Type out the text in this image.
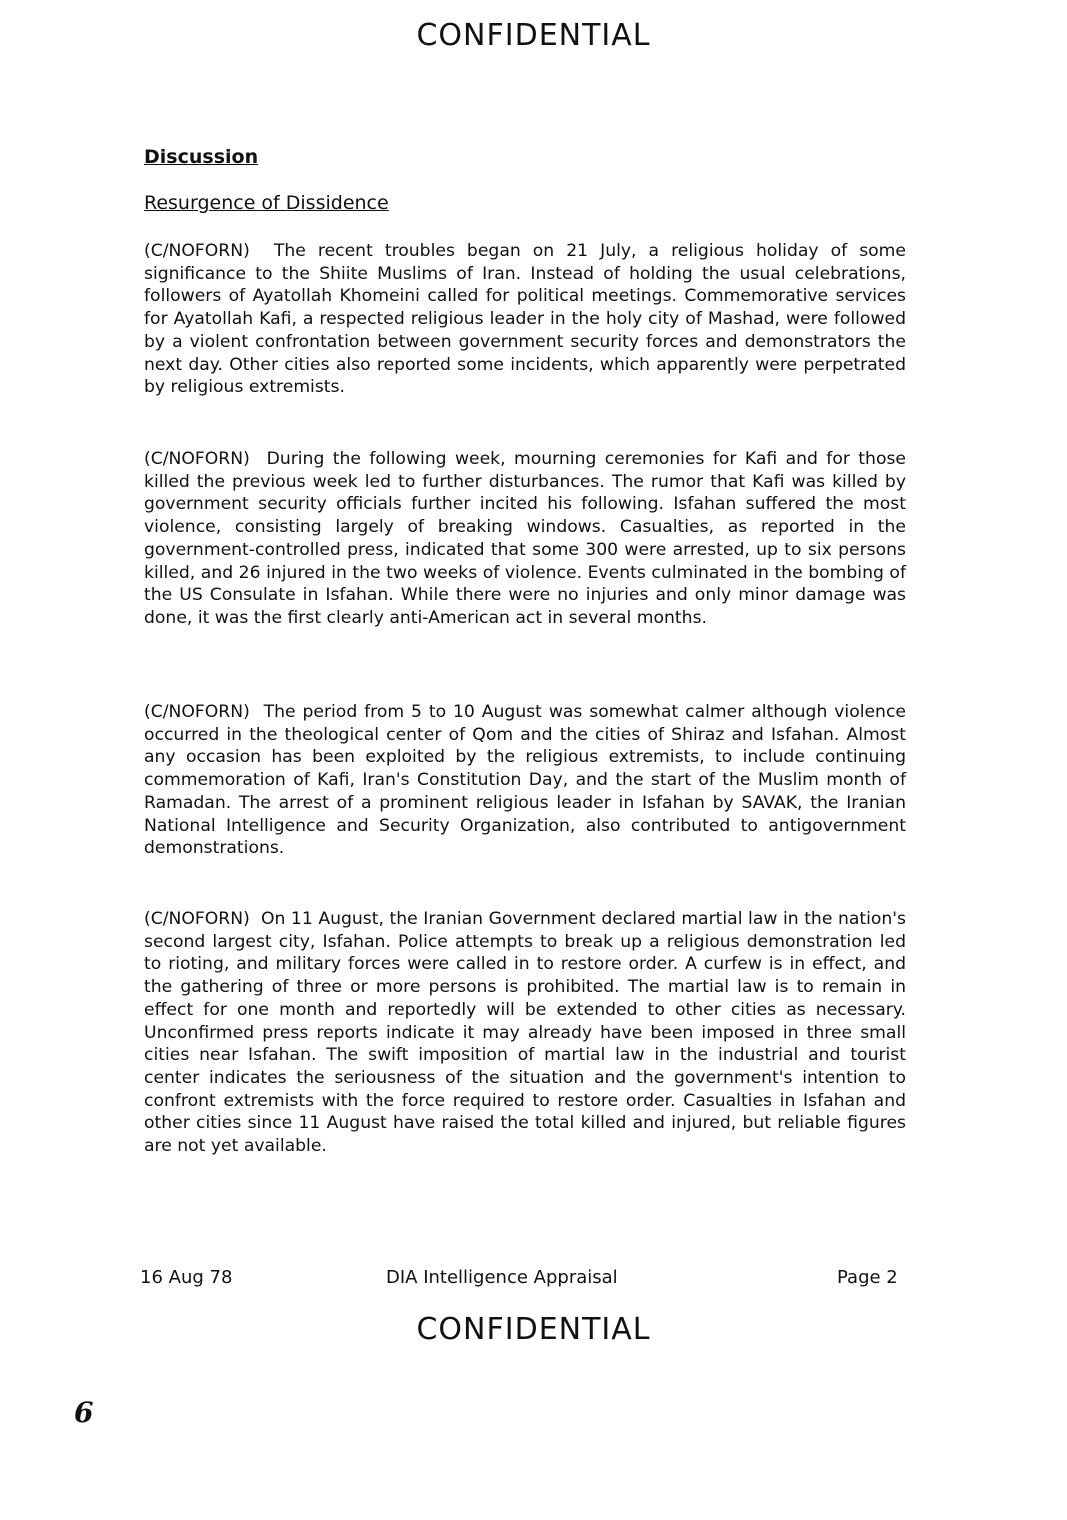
CONFIDENTIAL
Discussion
Resurgence of Dissidence

(C/NOFORN) The recent troubles began on 21 July, a religious holiday of some significance to the Shiite Muslims of Iran. Instead of holding the usual celebrations, followers of Ayatollah Khomeini called for political meetings. Commemorative services for Ayatollah Kafi, a respected religious leader in the holy city of Mashad, were followed by a violent confrontation between government security forces and demonstrators the next day. Other cities also reported some incidents, which apparently were perpetrated by religious extremists.

(C/NOFORN) During the following week, mourning ceremonies for Kafi and for those killed the previous week led to further disturbances. The rumor that Kafi was killed by government security officials further incited his following. Isfahan suffered the most violence, consisting largely of breaking windows. Casualties, as reported in the government-controlled press, indicated that some 300 were arrested, up to six persons killed, and 26 injured in the two weeks of violence. Events culminated in the bombing of the US Consulate in Isfahan. While there were no injuries and only minor damage was done, it was the first clearly anti-American act in several months.

(C/NOFORN) The period from 5 to 10 August was somewhat calmer although violence occurred in the theological center of Qom and the cities of Shiraz and Isfahan. Almost any occasion has been exploited by the religious extremists, to include continuing commemoration of Kafi, Iran's Constitution Day, and the start of the Muslim month of Ramadan. The arrest of a prominent religious leader in Isfahan by SAVAK, the Iranian National Intelligence and Security Organization, also contributed to antigovernment demonstrations.

(C/NOFORN) On 11 August, the Iranian Government declared martial law in the nation's second largest city, Isfahan. Police attempts to break up a religious demonstration led to rioting, and military forces were called in to restore order. A curfew is in effect, and the gathering of three or more persons is prohibited. The martial law is to remain in effect for one month and reportedly will be extended to other cities as necessary. Unconfirmed press reports indicate it may already have been imposed in three small cities near Isfahan. The swift imposition of martial law in the industrial and tourist center indicates the seriousness of the situation and the government's intention to confront extremists with the force required to restore order. Casualties in Isfahan and other cities since 11 August have raised the total killed and injured, but reliable figures are not yet available.

16 Aug 78	DIA Intelligence Appraisal	Page 2
CONFIDENTIAL
6
